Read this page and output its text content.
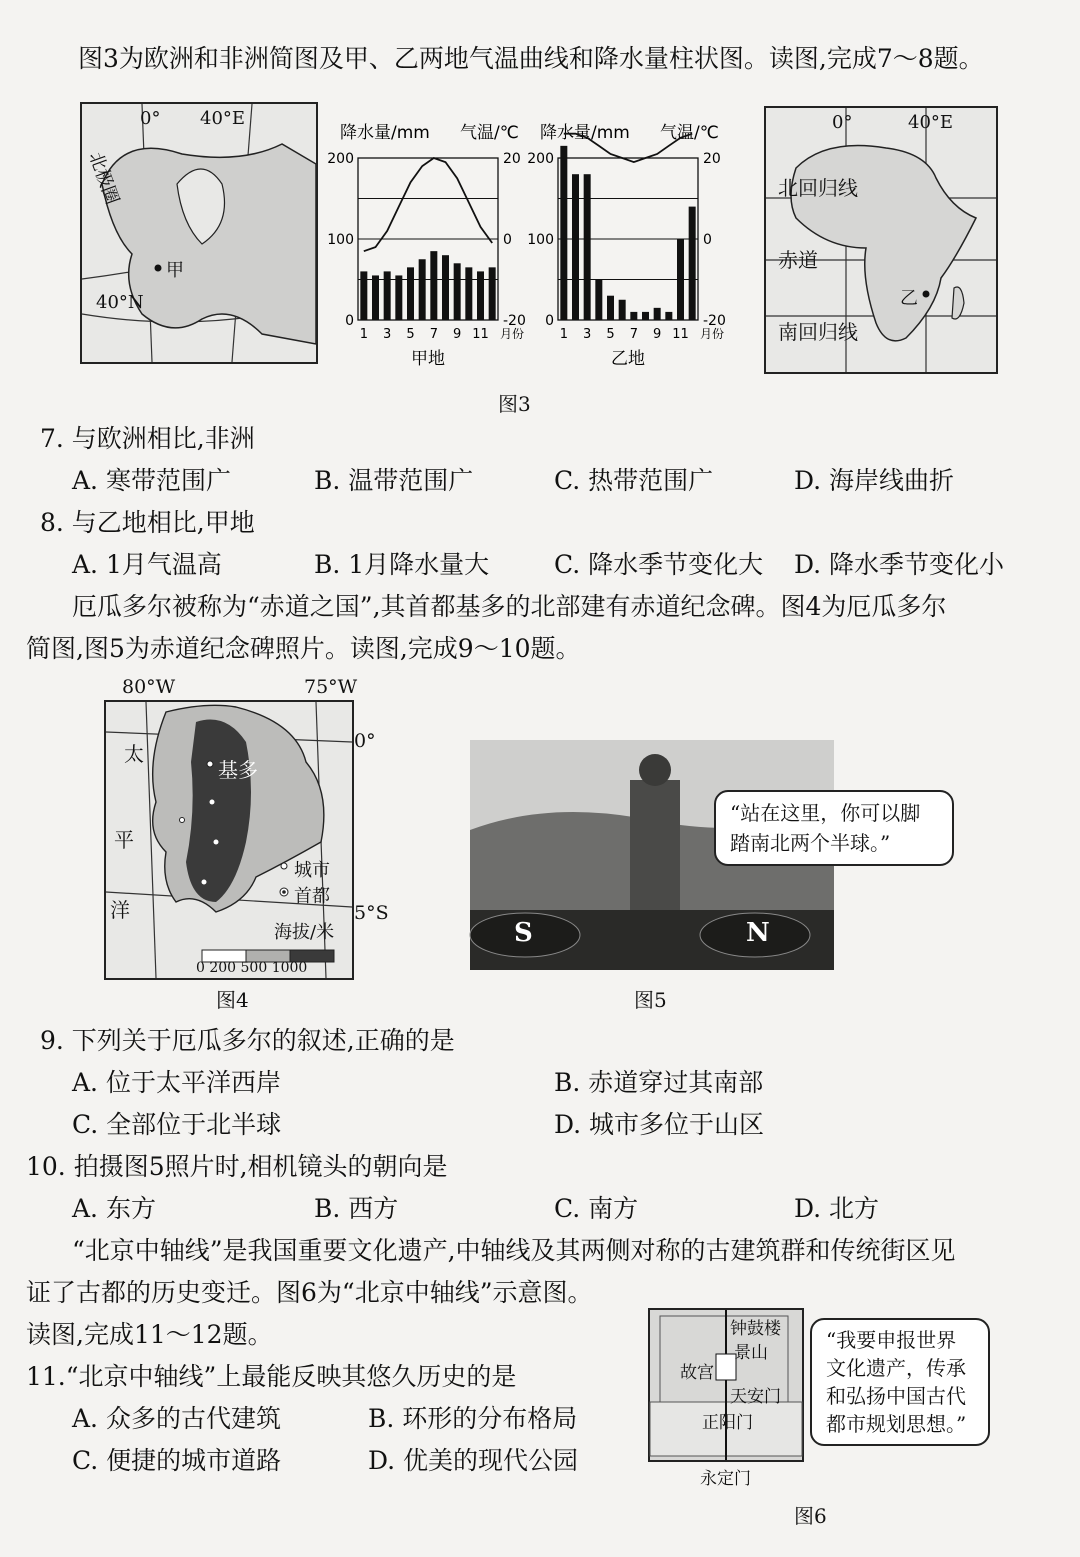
图3为欧洲和非洲简图及甲、乙两地气温曲线和降水量柱状图。读图,完成7～8题。
0° 40°E
北极圈
甲
40°N
降水量/mm 气温/℃
200
100
0
20
0
-20
1 3 5 7 9 11 月份
甲地
降水量/mm 气温/℃
200
100
0
20
0
-20
1 3 5 7 9 11 月份
乙地
0°	40°E
北回归线
赤道
乙
南回归线
图3
7. 与欧洲相比,非洲
A. 寒带范围广	B. 温带范围广	C. 热带范围广	D. 海岸线曲折
8. 与乙地相比,甲地
A. 1月气温高	B. 1月降水量大	C. 降水季节变化大 D. 降水季节变化小
厄瓜多尔被称为“赤道之国”,其首都基多的北部建有赤道纪念碑。图4为厄瓜多尔
简图,图5为赤道纪念碑照片。读图,完成9～10题。
80°W	75°W
太
平
洋
基多
城市
首都
海拔/米
0 200 500 1000
0°
5°S
图4
S	N
“站在这里，你可以脚踏南北两个半球。”
图5
9. 下列关于厄瓜多尔的叙述,正确的是
A. 位于太平洋西岸	B. 赤道穿过其南部
C. 全部位于北半球	D. 城市多位于山区
10. 拍摄图5照片时,相机镜头的朝向是
A. 东方	B. 西方	C. 南方	D. 北方
“北京中轴线”是我国重要文化遗产,中轴线及其两侧对称的古建筑群和传统街区见
证了古都的历史变迁。图6为“北京中轴线”示意图。
读图,完成11～12题。
11.“北京中轴线”上最能反映其悠久历史的是
A. 众多的古代建筑	B. 环形的分布格局
C. 便捷的城市道路	D. 优美的现代公园
钟鼓楼
景山
故宫
天安门
正阳门
永定门
“我要申报世界文化遗产，传承和弘扬中国古代都市规划思想。”
图6
